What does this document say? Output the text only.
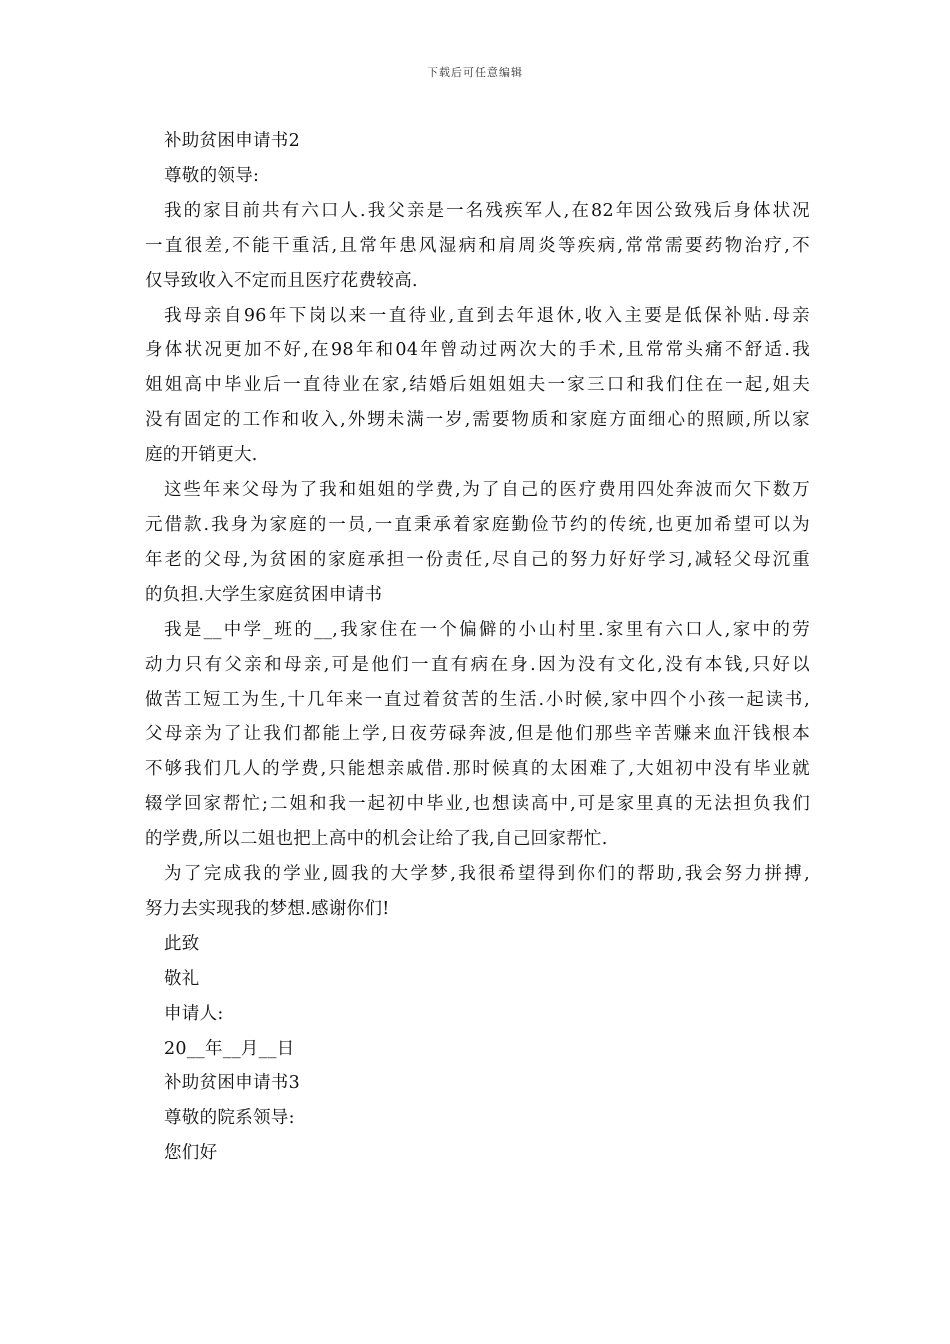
下载后可任意编辑
补助贫困申请书2
尊敬的领导:
我的家目前共有六口人.我父亲是一名残疾军人,在82年因公致残后身体状况
一直很差,不能干重活,且常年患风湿病和肩周炎等疾病,常常需要药物治疗,不
仅导致收入不定而且医疗花费较高.
我母亲自96年下岗以来一直待业,直到去年退休,收入主要是低保补贴.母亲
身体状况更加不好,在98年和04年曾动过两次大的手术,且常常头痛不舒适.我
姐姐高中毕业后一直待业在家,结婚后姐姐姐夫一家三口和我们住在一起,姐夫
没有固定的工作和收入,外甥未满一岁,需要物质和家庭方面细心的照顾,所以家
庭的开销更大.
这些年来父母为了我和姐姐的学费,为了自己的医疗费用四处奔波而欠下数万
元借款.我身为家庭的一员,一直秉承着家庭勤俭节约的传统,也更加希望可以为
年老的父母,为贫困的家庭承担一份责任,尽自己的努力好好学习,减轻父母沉重
的负担.大学生家庭贫困申请书
我是__中学_班的__,我家住在一个偏僻的小山村里.家里有六口人,家中的劳
动力只有父亲和母亲,可是他们一直有病在身.因为没有文化,没有本钱,只好以
做苦工短工为生,十几年来一直过着贫苦的生活.小时候,家中四个小孩一起读书,
父母亲为了让我们都能上学,日夜劳碌奔波,但是他们那些辛苦赚来血汗钱根本
不够我们几人的学费,只能想亲戚借.那时候真的太困难了,大姐初中没有毕业就
辍学回家帮忙;二姐和我一起初中毕业,也想读高中,可是家里真的无法担负我们
的学费,所以二姐也把上高中的机会让给了我,自己回家帮忙.
为了完成我的学业,圆我的大学梦,我很希望得到你们的帮助,我会努力拼搏,
努力去实现我的梦想.感谢你们!
此致
敬礼
申请人:
20__年__月__日
补助贫困申请书3
尊敬的院系领导:
您们好
